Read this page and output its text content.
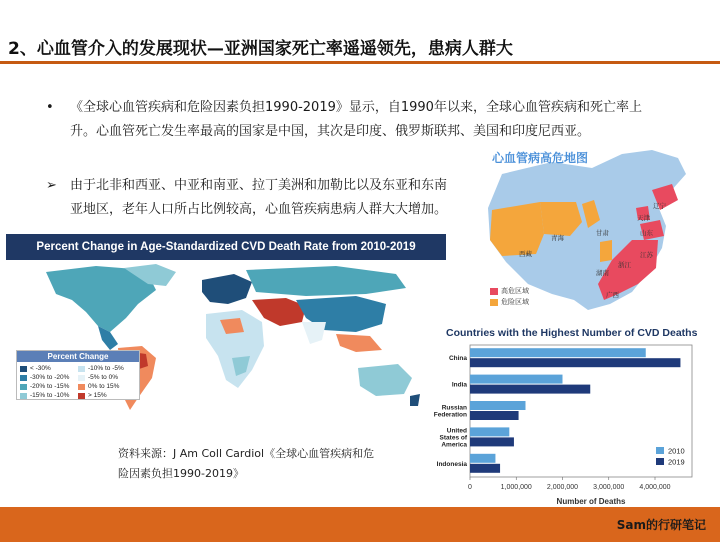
2、心血管介入的发展现状—亚洲国家死亡率遥遥领先，患病人群大
•	《全球心血管疾病和危险因素负担1990-2019》显示，自1990年以来，全球心血管疾病和死亡率上
升。心血管死亡发生率最高的国家是中国，其次是印度、俄罗斯联邦、美国和印度尼西亚。
➢	由于北非和西亚、中亚和南亚、拉丁美洲和加勒比以及东亚和东南
亚地区，老年人口所占比例较高，心血管疾病患病人群大大增加。
Percent Change in Age-Standardized CVD Death Rate from 2010-2019
Percent Change
< -30%	-10% to -5%
-30% to -20%	-5% to 0%
-20% to -15%	0% to 15%
-15% to -10%	> 15%
资料来源：J Am Coll Cardiol《全球心血管疾病和危
险因素负担1990-2019》
心血管病高危地图
西藏
青海
甘肃
辽宁
天津
山东
江苏
浙江
湖南
广西
高危区域
危险区域
Countries with the Highest Number of CVD Deaths
0	1,000,000 2,000,000 3,000,000 4,000,000
Number of Deaths
China
India
Russian Federation
United States of America
Indonesia
2010
2019
Sam的行研笔记
